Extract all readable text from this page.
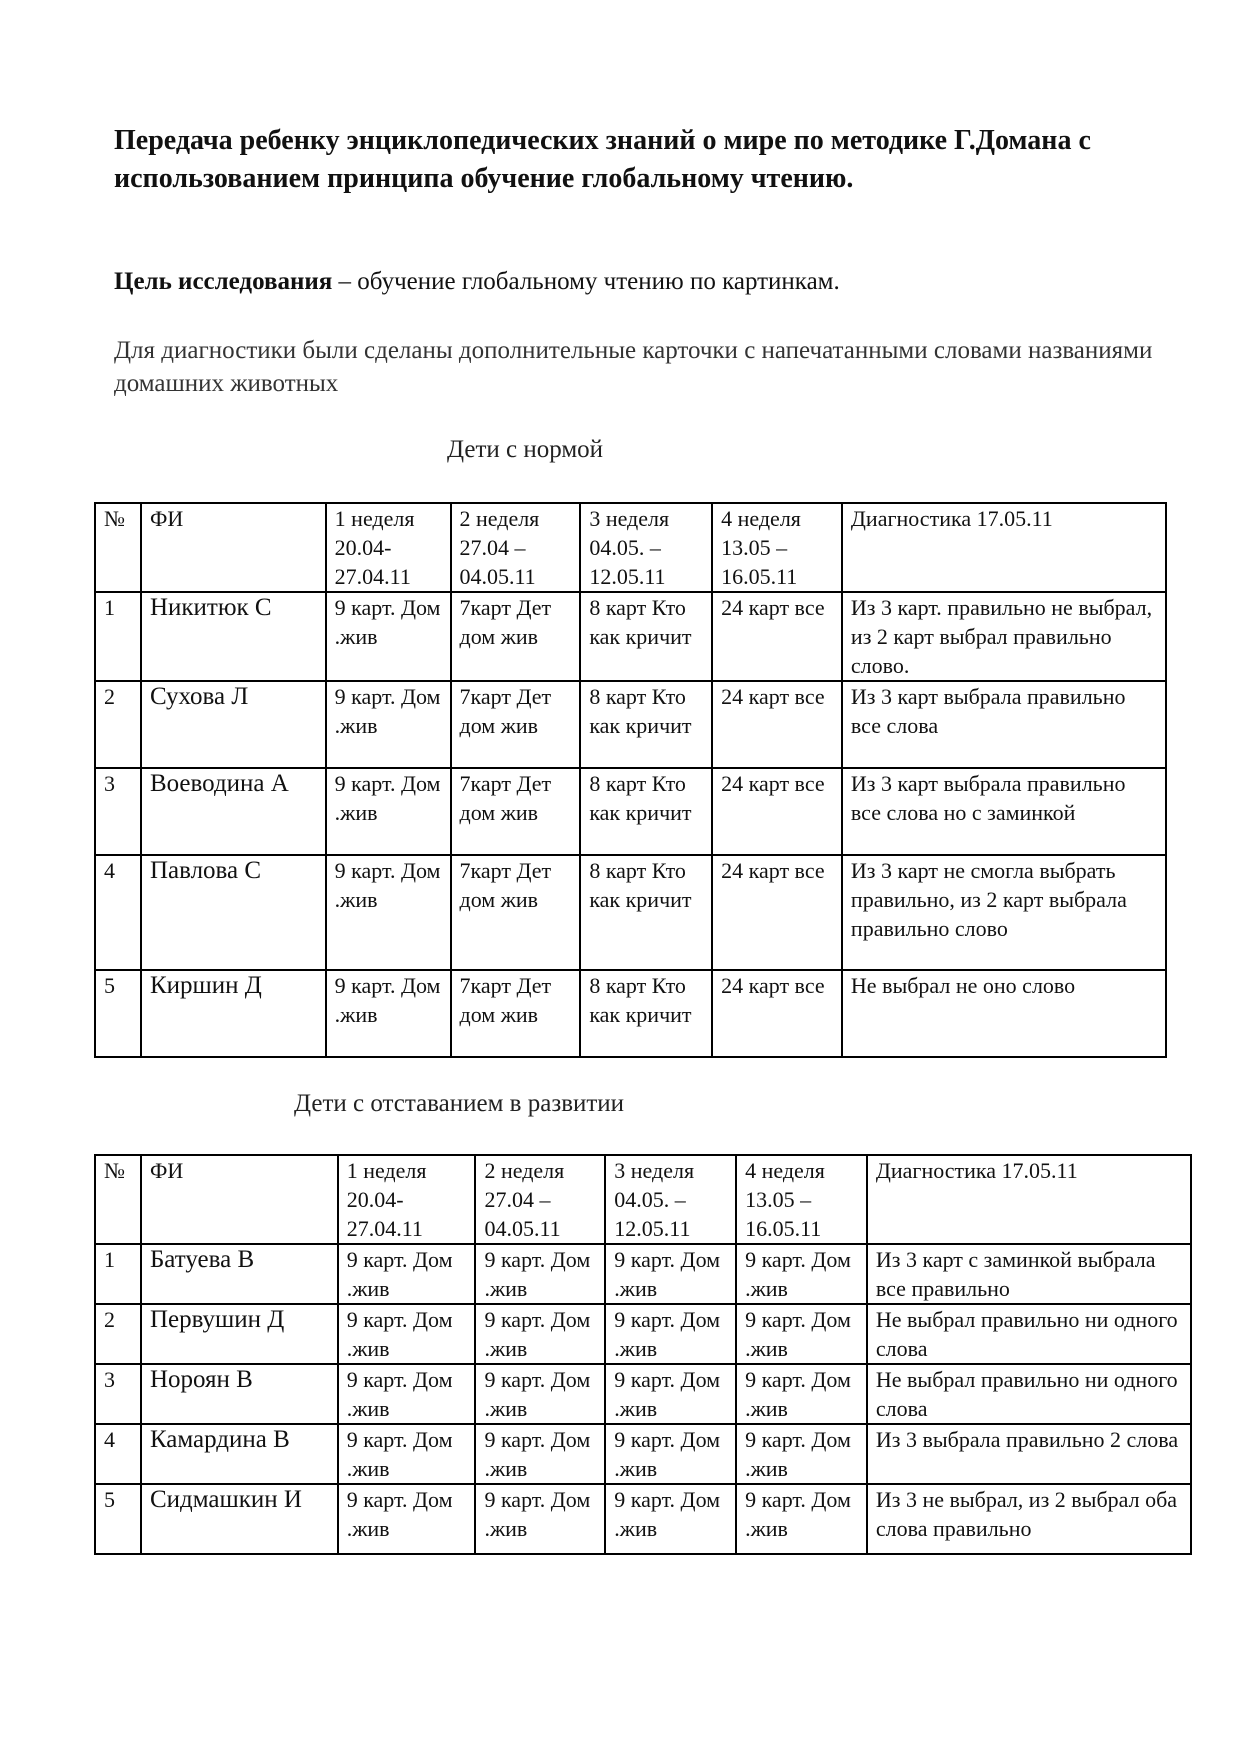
Передача ребенку энциклопедических знаний о мире по методике Г.Домана с использованием принципа обучение глобальному чтению.
Цель исследования – обучение глобальному чтению по картинкам.
Для диагностики были сделаны дополнительные карточки с напечатанными словами названиями домашних животных
Дети с нормой
№	ФИ	1 неделя 20.04-27.04.11	2 неделя 27.04 – 04.05.11	3 неделя 04.05. – 12.05.11	4 неделя 13.05 – 16.05.11	Диагностика 17.05.11
1	Никитюк С	9 карт. Дом .жив	7карт Дет дом жив	8 карт Кто как кричит	24 карт все	Из 3 карт. правильно не выбрал, из 2 карт выбрал правильно слово.
2	Сухова Л	9 карт. Дом .жив	7карт Дет дом жив	8 карт Кто как кричит	24 карт все	Из 3 карт выбрала правильно все слова
3	Воеводина А	9 карт. Дом .жив	7карт Дет дом жив	8 карт Кто как кричит	24 карт все	Из 3 карт выбрала правильно все слова но с заминкой
4	Павлова С	9 карт. Дом .жив	7карт Дет дом жив	8 карт Кто как кричит	24 карт все	Из 3 карт не смогла выбрать правильно, из 2 карт выбрала правильно слово
5	Киршин Д	9 карт. Дом .жив	7карт Дет дом жив	8 карт Кто как кричит	24 карт все	Не выбрал не оно слово
Дети с отставанием в развитии
№	ФИ	1 неделя 20.04-27.04.11	2 неделя 27.04 – 04.05.11	3 неделя 04.05. – 12.05.11	4 неделя 13.05 – 16.05.11	Диагностика 17.05.11
1	Батуева В	9 карт. Дом .жив	9 карт. Дом .жив	9 карт. Дом .жив	9 карт. Дом .жив	Из 3 карт с заминкой выбрала все правильно
2	Первушин Д	9 карт. Дом .жив	9 карт. Дом .жив	9 карт. Дом .жив	9 карт. Дом .жив	Не выбрал правильно ни одного слова
3	Нороян В	9 карт. Дом .жив	9 карт. Дом .жив	9 карт. Дом .жив	9 карт. Дом .жив	Не выбрал правильно ни одного слова
4	Камардина В	9 карт. Дом .жив	9 карт. Дом .жив	9 карт. Дом .жив	9 карт. Дом .жив	Из 3 выбрала правильно 2 слова
5	Сидмашкин И	9 карт. Дом .жив	9 карт. Дом .жив	9 карт. Дом .жив	9 карт. Дом .жив	Из 3 не выбрал, из 2 выбрал оба слова правильно
